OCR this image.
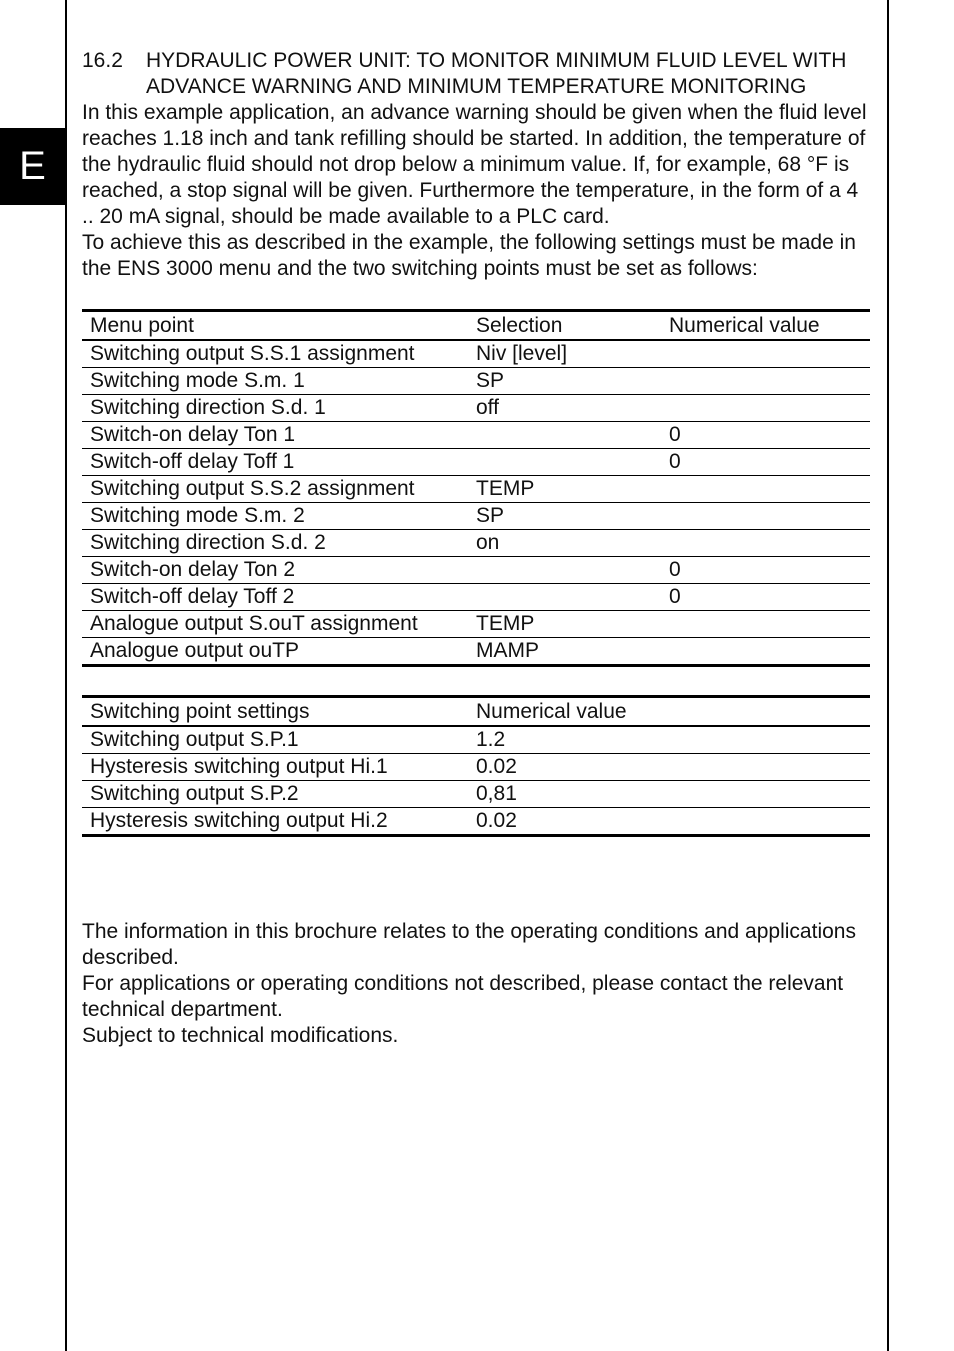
E
16.2	HYDRAULIC POWER UNIT: TO MONITOR MINIMUM FLUID LEVEL WITH ADVANCE WARNING AND MINIMUM TEMPERATURE MONITORING

In this example application, an advance warning should be given when the fluid level reaches 1.18 inch and tank refilling should be started. In addition, the temperature of the hydraulic fluid should not drop below a minimum value. If, for example, 68 °F is reached, a stop signal will be given. Furthermore the temperature, in the form of a 4 .. 20 mA signal, should be made available to a PLC card.

To achieve this as described in the example, the following settings must be made in the ENS 3000 menu and the two switching points must be set as follows:

Menu point	Selection	Numerical value
Switching output S.S.1 assignment	Niv [level]	
Switching mode S.m. 1	SP	
Switching direction S.d. 1	off	
Switch-on delay Ton 1		0
Switch-off delay Toff 1		0
Switching output S.S.2 assignment	TEMP	
Switching mode S.m. 2	SP	
Switching direction S.d. 2	on	
Switch-on delay Ton 2		0
Switch-off delay Toff 2		0
Analogue output S.ouT assignment	TEMP	
Analogue output ouTP	MAMP	
Switching point settings	Numerical value
Switching output S.P.1	1.2
Hysteresis switching output Hi.1	0.02
Switching output S.P.2	0,81
Hysteresis switching output Hi.2	0.02

The information in this brochure relates to the operating conditions and applications described.

For applications or operating conditions not described, please contact the relevant technical department.

Subject to technical modifications.
